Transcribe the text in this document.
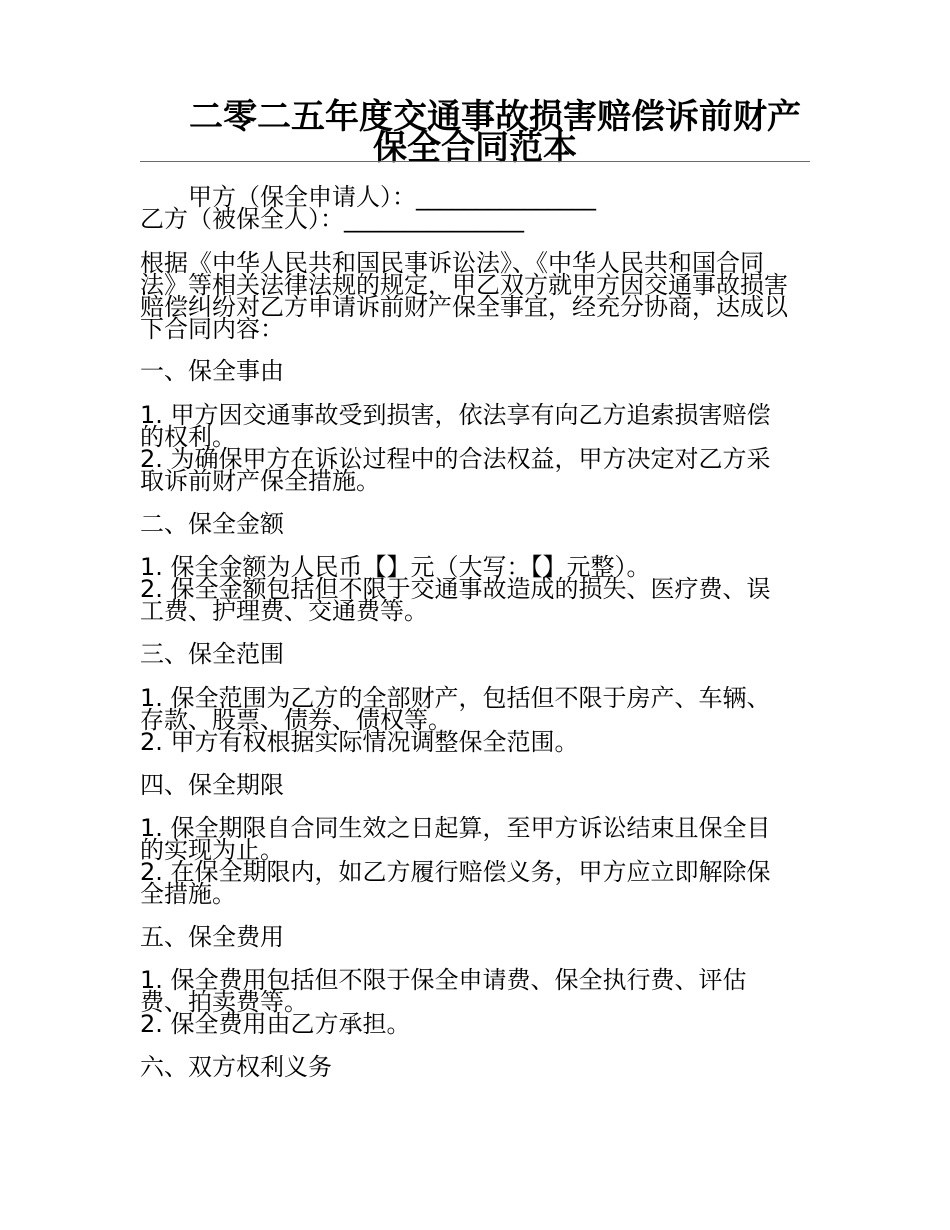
二零二五年度交通事故损害赔偿诉前财产
保全合同范本
甲方（保全申请人）：_______________
乙方（被保全人）：_______________
根据《中华人民共和国民事诉讼法》、《中华人民共和国合同
法》等相关法律法规的规定，甲乙双方就甲方因交通事故损害
赔偿纠纷对乙方申请诉前财产保全事宜，经充分协商，达成以
下合同内容：
一、保全事由
1. 甲方因交通事故受到损害，依法享有向乙方追索损害赔偿
的权利。
2. 为确保甲方在诉讼过程中的合法权益，甲方决定对乙方采
取诉前财产保全措施。
二、保全金额
1. 保全金额为人民币【】元（大写：【】元整）。
2. 保全金额包括但不限于交通事故造成的损失、医疗费、误
工费、护理费、交通费等。
三、保全范围
1. 保全范围为乙方的全部财产，包括但不限于房产、车辆、
存款、股票、债券、债权等。
2. 甲方有权根据实际情况调整保全范围。
四、保全期限
1. 保全期限自合同生效之日起算，至甲方诉讼结束且保全目
的实现为止。
2. 在保全期限内，如乙方履行赔偿义务，甲方应立即解除保
全措施。
五、保全费用
1. 保全费用包括但不限于保全申请费、保全执行费、评估
费、拍卖费等。
2. 保全费用由乙方承担。
六、双方权利义务
